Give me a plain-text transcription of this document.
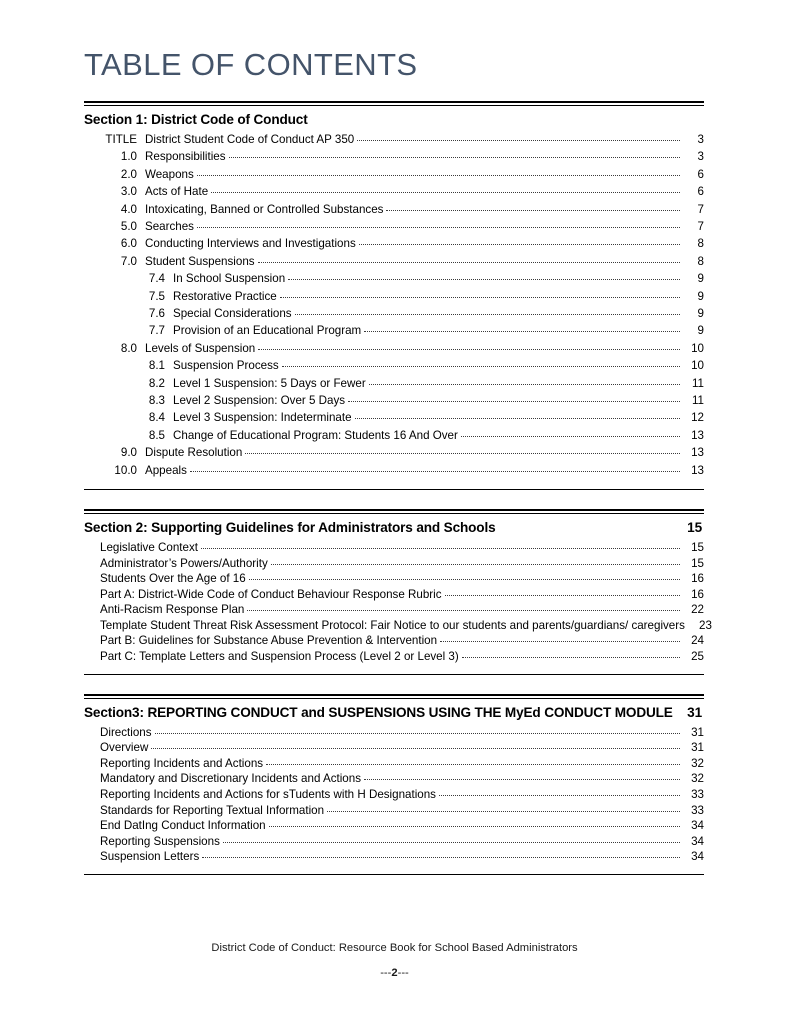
TABLE OF CONTENTS
Section 1: District Code of Conduct
TITLE District Student Code of Conduct AP 350	3
1.0 Responsibilities	3
2.0 Weapons	6
3.0 Acts of Hate	6
4.0 Intoxicating, Banned or Controlled Substances	7
5.0 Searches	7
6.0 Conducting Interviews and Investigations	8
7.0 Student Suspensions	8
7.4 In School Suspension	9
7.5 Restorative Practice	9
7.6 Special Considerations	9
7.7 Provision of an Educational Program	9
8.0 Levels of Suspension	10
8.1 Suspension Process	10
8.2 Level 1 Suspension: 5 Days or Fewer	11
8.3 Level 2 Suspension: Over 5 Days	11
8.4 Level 3 Suspension: Indeterminate	12
8.5 Change of Educational Program: Students 16 And Over	13
9.0 Dispute Resolution	13
10.0 Appeals	13
Section 2: Supporting Guidelines for Administrators and Schools	15
Legislative Context	15
Administrator’s Powers/Authority	15
Students Over the Age of 16	16
Part A: District-Wide Code of Conduct Behaviour Response Rubric	16
Anti-Racism Response Plan	22
Template Student Threat Risk Assessment Protocol: Fair Notice to our students and parents/guardians/ caregivers	23
Part B: Guidelines for Substance Abuse Prevention & Intervention	24
Part C: Template Letters and Suspension Process (Level 2 or Level 3)	25
Section3: REPORTING CONDUCT and SUSPENSIONS USING THE MyEd CONDUCT MODULE 31
Directions	31
Overview	31
Reporting Incidents and Actions	32
Mandatory and Discretionary Incidents and Actions	32
Reporting Incidents and Actions for sTudents with H Designations	33
Standards for Reporting Textual Information	33
End DatIng Conduct Information	34
Reporting Suspensions	34
Suspension Letters	34
District Code of Conduct: Resource Book for School Based Administrators
---2---
